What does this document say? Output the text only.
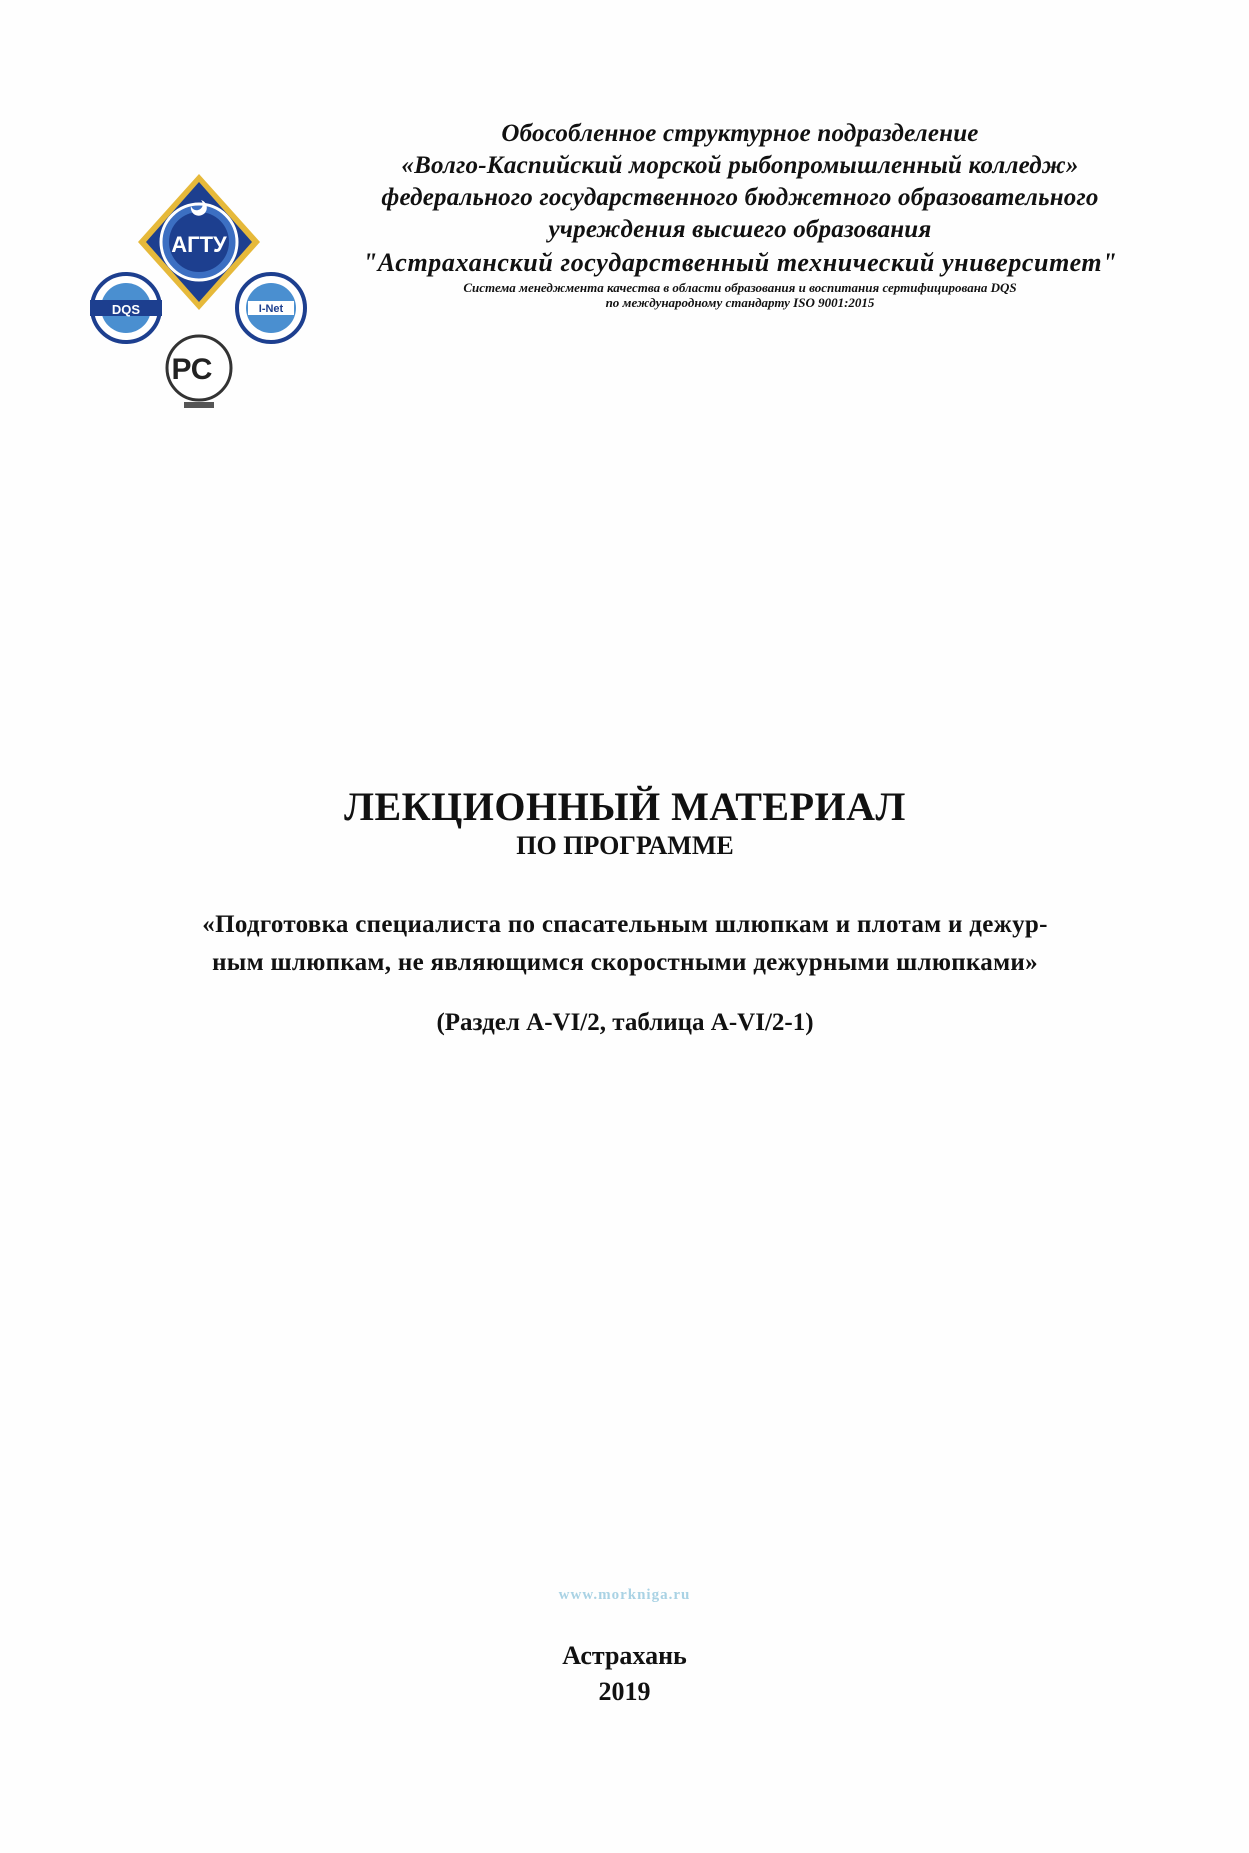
АГТУ
DQS	I-Net
РС
Обособленное структурное подразделение
«Волго-Каспийский морской рыбопромышленный колледж»
федерального государственного бюджетного образовательного
учреждения высшего образования
"Астраханский государственный технический университет"
Система менеджмента качества в области образования и воспитания сертифицирована DQS
по международному стандарту ISO 9001:2015
ЛЕКЦИОННЫЙ МАТЕРИАЛ
ПО ПРОГРАММЕ
«Подготовка специалиста по спасательным шлюпкам и плотам и дежур-
ным шлюпкам, не являющимся скоростными дежурными шлюпками»
(Раздел А-VI/2, таблица А-VI/2-1)
www.morkniga.ru
Астрахань
2019
